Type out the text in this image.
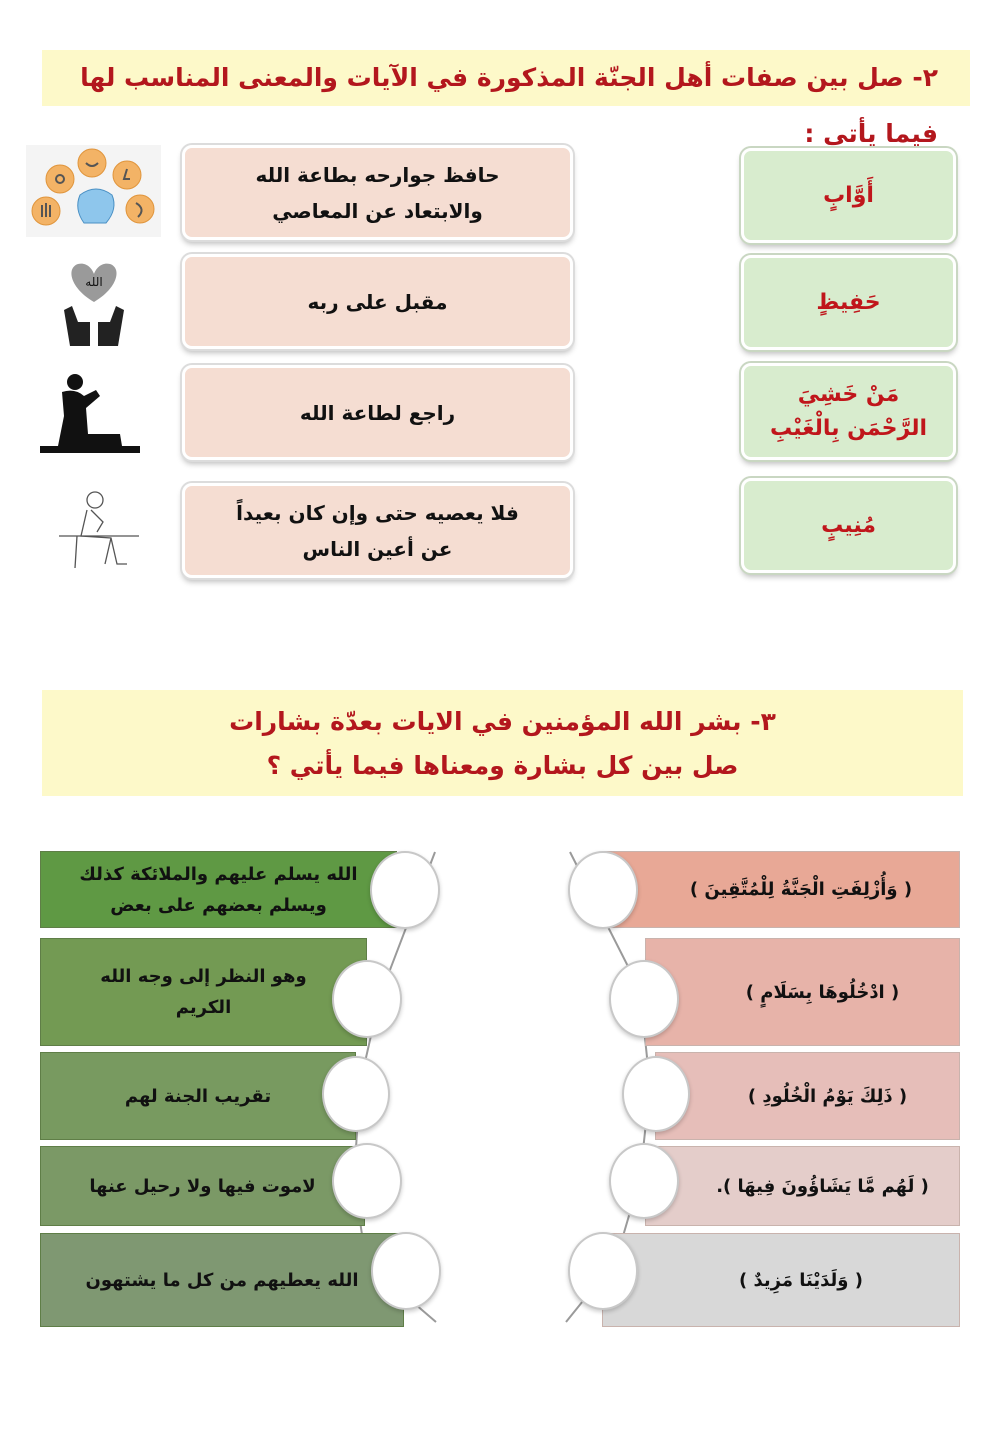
٢- صل بين صفات أهل الجنّة المذكورة في الآيات والمعنى المناسب لها فيما يأتي :
حافظ جوارحه بطاعة الله
والابتعاد عن المعاصي
مقبل على ربه
راجع لطاعة الله
فلا يعصيه حتى وإن كان بعيداً
عن أعين الناس
أَوَّابٍ
حَفِيظٍ
مَنْ خَشِيَ
الرَّحْمَن بِالْغَيْبِ
مُنِيبٍ
الله
٣- بشر الله المؤمنين في الايات بعدّة بشارات
صل بين كل بشارة ومعناها فيما يأتي ؟
الله يسلم عليهم والملائكة كذلك
ويسلم بعضهم على بعض
وهو النظر إلى وجه الله
الكريم
تقريب الجنة لهم
لاموت فيها ولا رحيل عنها
الله يعطيهم من كل ما يشتهون
( وَأُزْلِفَتِ الْجَنَّةُ لِلْمُتَّقِينَ )
( ادْخُلُوهَا بِسَلَامٍ )
( ذَلِكَ يَوْمُ الْخُلُودِ )
( لَهُم مَّا يَشَاؤُونَ فِيهَا ).
( وَلَدَيْنَا مَزِيدٌ )
